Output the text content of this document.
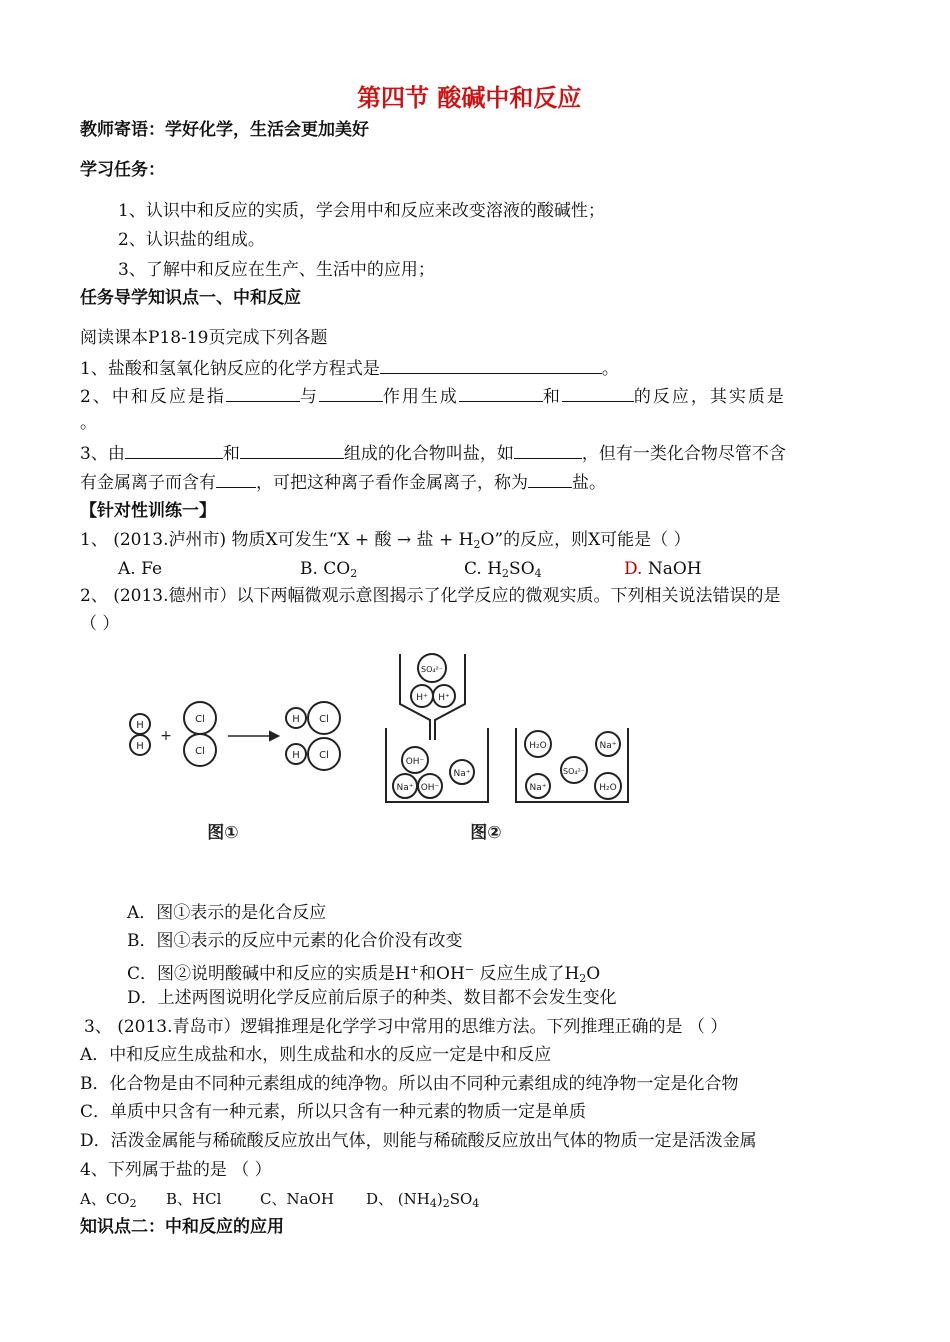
第四节 酸碱中和反应
教师寄语：学好化学，生活会更加美好
学习任务：
1、认识中和反应的实质，学会用中和反应来改变溶液的酸碱性；
2、认识盐的组成。
3、了解中和反应在生产、生活中的应用；
任务导学知识点一、中和反应
阅读课本P18-19页完成下列各题
1、盐酸和氢氧化钠反应的化学方程式是	。
2、中和反应是指	与	作用生成	和	的反应，其实质是
。
3、由	和	组成的化合物叫盐，如	，但有一类化合物尽管不含
有金属离子而含有 ，可把这种离子看作金属离子，称为	盐。
【针对性训练一】
1、 (2013.泸州市) 物质X可发生“X + 酸 → 盐 + $H_2O$”的反应，则X可能是（ ）
A. Fe	B. $CO_2$	C. $H_2SO_4$	D. NaOH
2、 (2013.德州市）以下两幅微观示意图揭示了化学反应的微观实质。下列相关说法错误的是
（ ）
H
H
+
Cl
Cl
H Cl
H Cl
图①
SO₄²⁻
H⁺ H⁺
OH⁻
Na⁺ OH⁻
Na⁺
H₂O
SO₄²⁻
Na⁺
Na⁺	H₂O
图②
A．图①表示的是化合反应
B．图①表示的反应中元素的化合价没有改变
C．图②说明酸碱中和反应的实质是H+和OH− 反应生成了$H_2O$
D．上述两图说明化学反应前后原子的种类、数目都不会发生变化
3、 (2013.青岛市）逻辑推理是化学学习中常用的思维方法。下列推理正确的是 （ ）
A．中和反应生成盐和水，则生成盐和水的反应一定是中和反应
B．化合物是由不同种元素组成的纯净物。所以由不同种元素组成的纯净物一定是化合物
C．单质中只含有一种元素，所以只含有一种元素的物质一定是单质
D．活泼金属能与稀硫酸反应放出气体，则能与稀硫酸反应放出气体的物质一定是活泼金属
4、下列属于盐的是 （ ）
A、$CO_2$ B、HCl	C、NaOH D、 $(NH_4)_2SO_4$
知识点二：中和反应的应用
